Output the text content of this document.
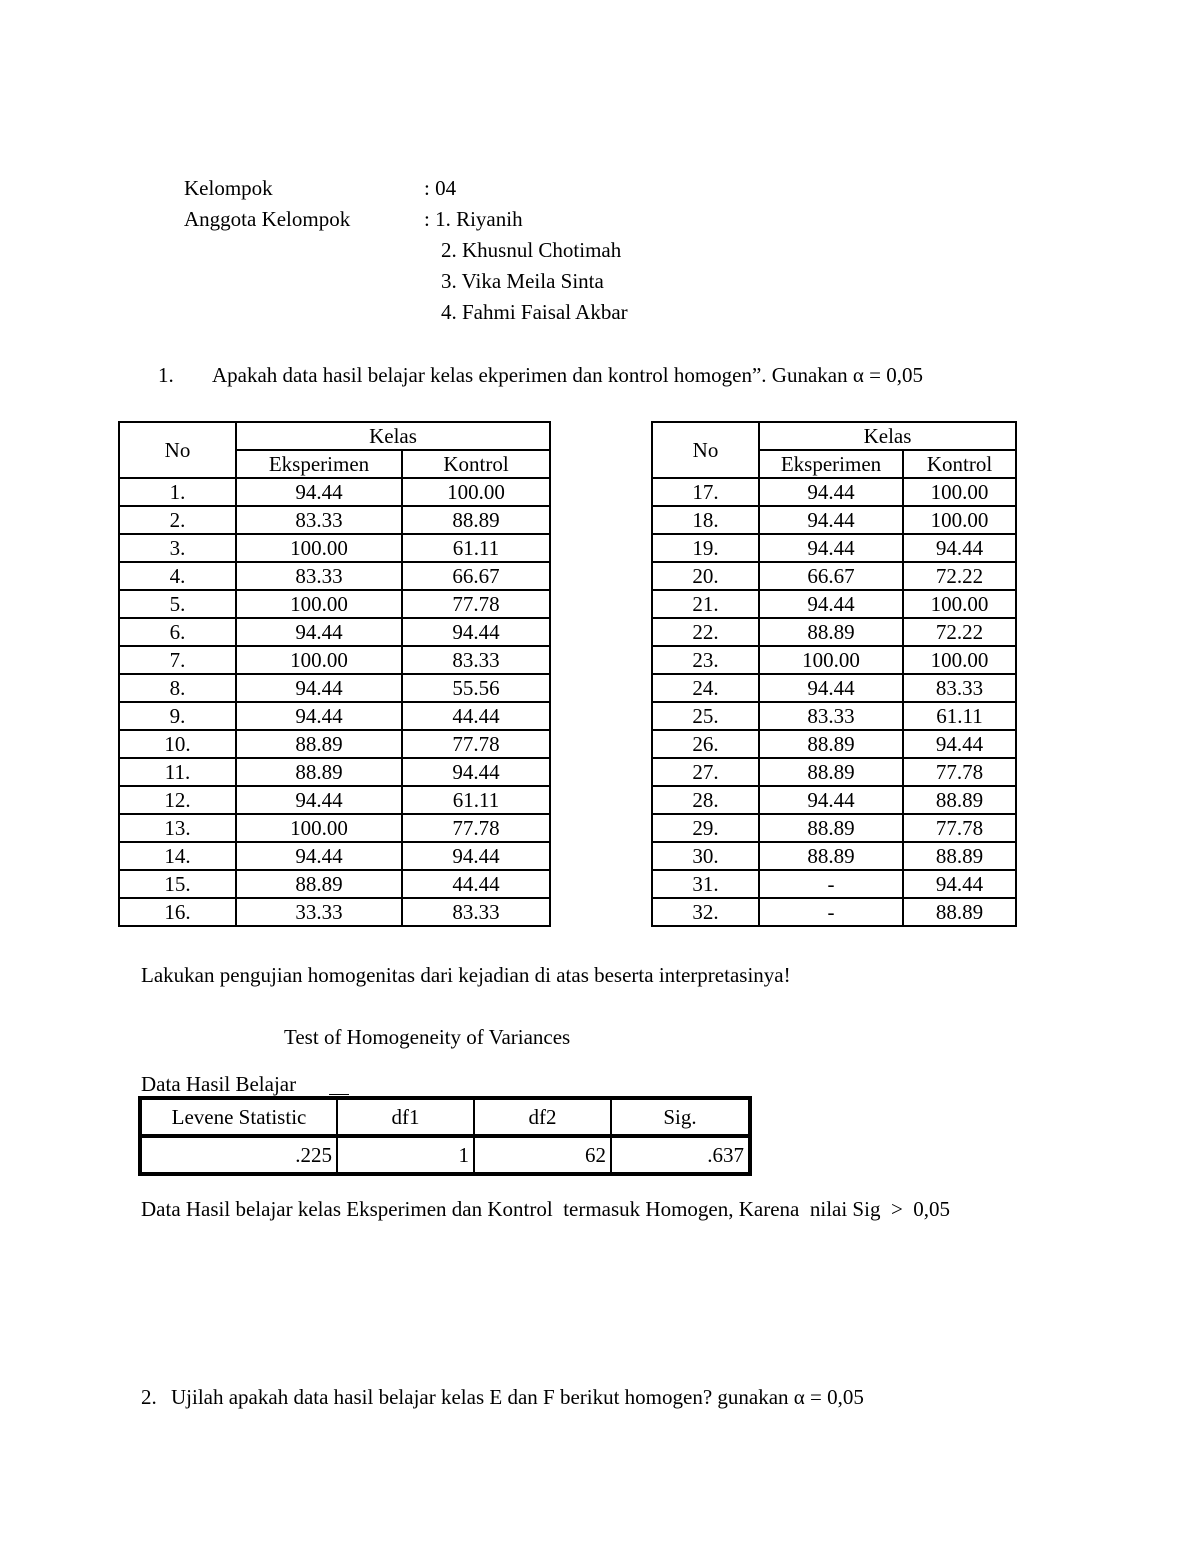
Kelompok	: 04
Anggota Kelompok	: 1. Riyanih
2. Khusnul Chotimah
3. Vika Meila Sinta
4. Fahmi Faisal Akbar
1. Apakah data hasil belajar kelas ekperimen dan kontrol homogen”. Gunakan α = 0,05
No	Kelas	
	Eksperimen	Kontrol
1.	94.44	100.00
2.	83.33	88.89
3.	100.00	61.11
4.	83.33	66.67
5.	100.00	77.78
6.	94.44	94.44
7.	100.00	83.33
8.	94.44	55.56
9.	94.44	44.44
10.	88.89	77.78
11.	88.89	94.44
12.	94.44	61.11
13.	100.00	77.78
14.	94.44	94.44
15.	88.89	44.44
16.	33.33	83.33
No	Kelas	
	Eksperimen	Kontrol
17.	94.44	100.00
18.	94.44	100.00
19.	94.44	94.44
20.	66.67	72.22
21.	94.44	100.00
22.	88.89	72.22
23.	100.00	100.00
24.	94.44	83.33
25.	83.33	61.11
26.	88.89	94.44
27.	88.89	77.78
28.	94.44	88.89
29.	88.89	77.78
30.	88.89	88.89
31.	-	94.44
32.	-	88.89
Lakukan pengujian homogenitas dari kejadian di atas beserta interpretasinya!
Test of Homogeneity of Variances
Data Hasil Belajar
Levene Statistic	df1	df2	Sig.
.225	1	62	.637
Data Hasil belajar kelas Eksperimen dan Kontrol  termasuk Homogen, Karena  nilai Sig  >  0,05
2. Ujilah apakah data hasil belajar kelas E dan F berikut homogen? gunakan α = 0,05
